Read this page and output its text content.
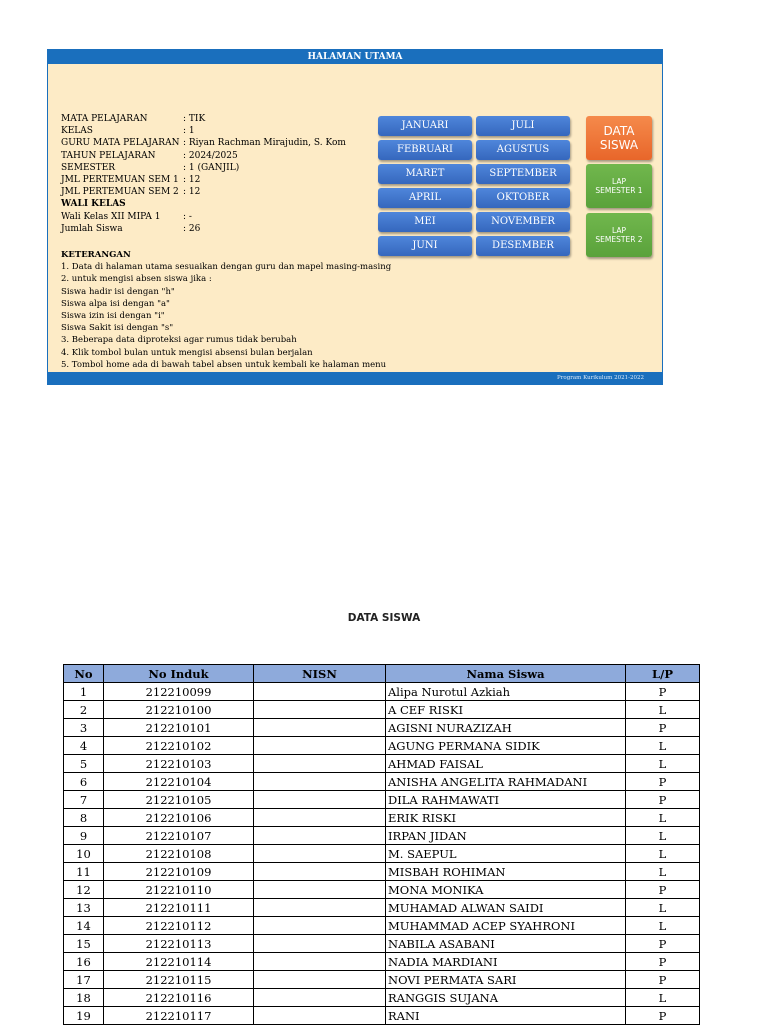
HALAMAN UTAMA
MATA PELAJARAN	: TIK
KELAS	: 1
GURU MATA PELAJARAN : Riyan Rachman Mirajudin, S. Kom
TAHUN PELAJARAN	: 2024/2025
SEMESTER	: 1 (GANJIL)
JML PERTEMUAN SEM 1 : 12
JML PERTEMUAN SEM 2 : 12
WALI KELAS
Wali Kelas XII MIPA 1	: -
Jumlah Siswa	: 26
KETERANGAN
1. Data di halaman utama sesuaikan dengan guru dan mapel masing-masing
2. untuk mengisi absen siswa jika :
Siswa hadir isi dengan "h"
Siswa alpa isi dengan "a"
Siswa izin isi dengan "i"
Siswa Sakit isi dengan "s"
3. Beberapa data diproteksi agar rumus tidak berubah
4. Klik tombol bulan untuk mengisi absensi bulan berjalan
5. Tombol home ada di bawah tabel absen untuk kembali ke halaman menu
JANUARI
FEBRUARI
MARET
APRIL
MEI
JUNI
JULI
AGUSTUS
SEPTEMBER
OKTOBER
NOVEMBER
DESEMBER
DATA
SISWA
LAP
SEMESTER 1
LAP
SEMESTER 2
Program Kurikulum 2021-2022
DATA SISWA
No	No Induk	NISN	Nama Siswa	L/P
1	212210099		Alipa Nurotul Azkiah	P
2	212210100		A CEF RISKI	L
3	212210101		AGISNI NURAZIZAH	P
4	212210102		AGUNG PERMANA SIDIK	L
5	212210103		AHMAD FAISAL	L
6	212210104		ANISHA ANGELITA RAHMADANI	P
7	212210105		DILA RAHMAWATI	P
8	212210106		ERIK RISKI	L
9	212210107		IRPAN JIDAN	L
10	212210108		M. SAEPUL	L
11	212210109		MISBAH ROHIMAN	L
12	212210110		MONA MONIKA	P
13	212210111		MUHAMAD ALWAN SAIDI	L
14	212210112		MUHAMMAD ACEP SYAHRONI	L
15	212210113		NABILA ASABANI	P
16	212210114		NADIA MARDIANI	P
17	212210115		NOVI PERMATA SARI	P
18	212210116		RANGGIS SUJANA	L
19	212210117		RANI	P
